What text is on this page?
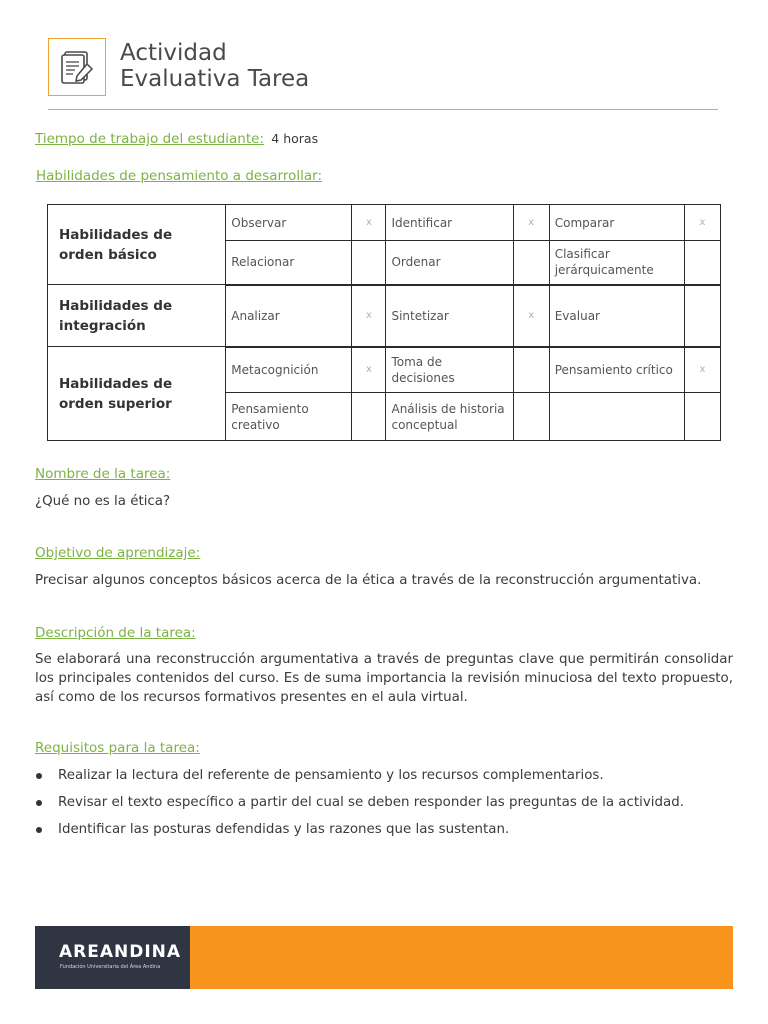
Actividad
Evaluativa Tarea
Tiempo de trabajo del estudiante: 4 horas
Habilidades de pensamiento a desarrollar:
Habilidades de orden básico	Observar	x	Identificar	x	Comparar	x
	Relacionar		Ordenar		Clasificar jerárquicamente	
Habilidades de integración	Analizar	x	Sintetizar	x	Evaluar	
Habilidades de orden superior	Metacognición	x	Toma de decisiones		Pensamiento crítico	x
	Pensamiento creativo		Análisis de historia conceptual			
Nombre de la tarea:
¿Qué no es la ética?
Objetivo de aprendizaje:
Precisar algunos conceptos básicos acerca de la ética a través de la reconstrucción argumentativa.
Descripción de la tarea:
Se elaborará una reconstrucción argumentativa a través de preguntas clave que permitirán consolidar los principales contenidos del curso. Es de suma importancia la revisión minuciosa del texto propuesto, así como de los recursos formativos presentes en el aula virtual.
Requisitos para la tarea:
Realizar la lectura del referente de pensamiento y los recursos complementarios.
Revisar el texto específico a partir del cual se deben responder las preguntas de la actividad.
Identificar las posturas defendidas y las razones que las sustentan.
AREANDINA
Fundación Universitaria del Área Andina
